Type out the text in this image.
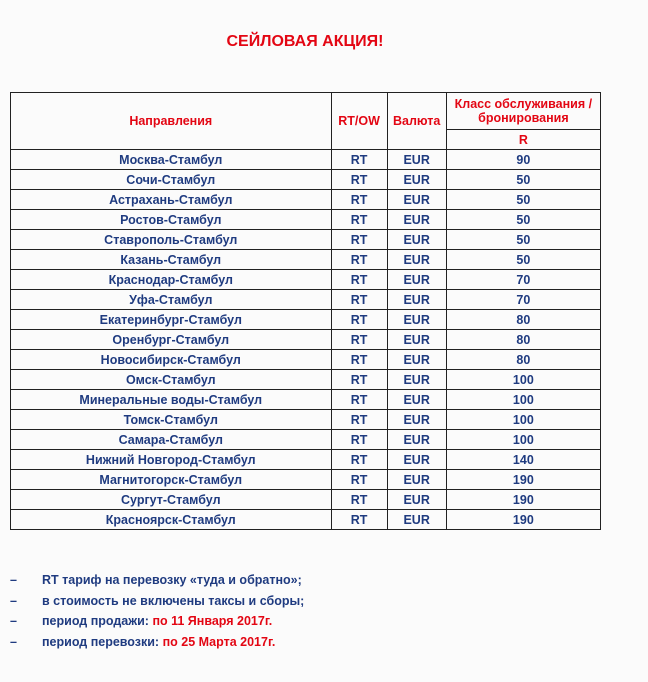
СЕЙЛОВАЯ АКЦИЯ!
Направления	RT/OW	Валюта	Класс обслуживания / бронирования
			R
Москва-Стамбул	RT	EUR	90
Сочи-Стамбул	RT	EUR	50
Астрахань-Стамбул	RT	EUR	50
Ростов-Стамбул	RT	EUR	50
Ставрополь-Стамбул	RT	EUR	50
Казань-Стамбул	RT	EUR	50
Краснодар-Стамбул	RT	EUR	70
Уфа-Стамбул	RT	EUR	70
Екатеринбург-Стамбул	RT	EUR	80
Оренбург-Стамбул	RT	EUR	80
Новосибирск-Стамбул	RT	EUR	80
Омск-Стамбул	RT	EUR	100
Минеральные воды-Стамбул	RT	EUR	100
Томск-Стамбул	RT	EUR	100
Самара-Стамбул	RT	EUR	100
Нижний Новгород-Стамбул	RT	EUR	140
Магнитогорск-Стамбул	RT	EUR	190
Сургут-Стамбул	RT	EUR	190
Красноярск-Стамбул	RT	EUR	190
–	RT тариф на перевозку «туда и обратно»;
–	в стоимость не включены таксы и сборы;
–	период продажи: по 11 Января 2017г.
–	период перевозки: по 25 Марта 2017г.
